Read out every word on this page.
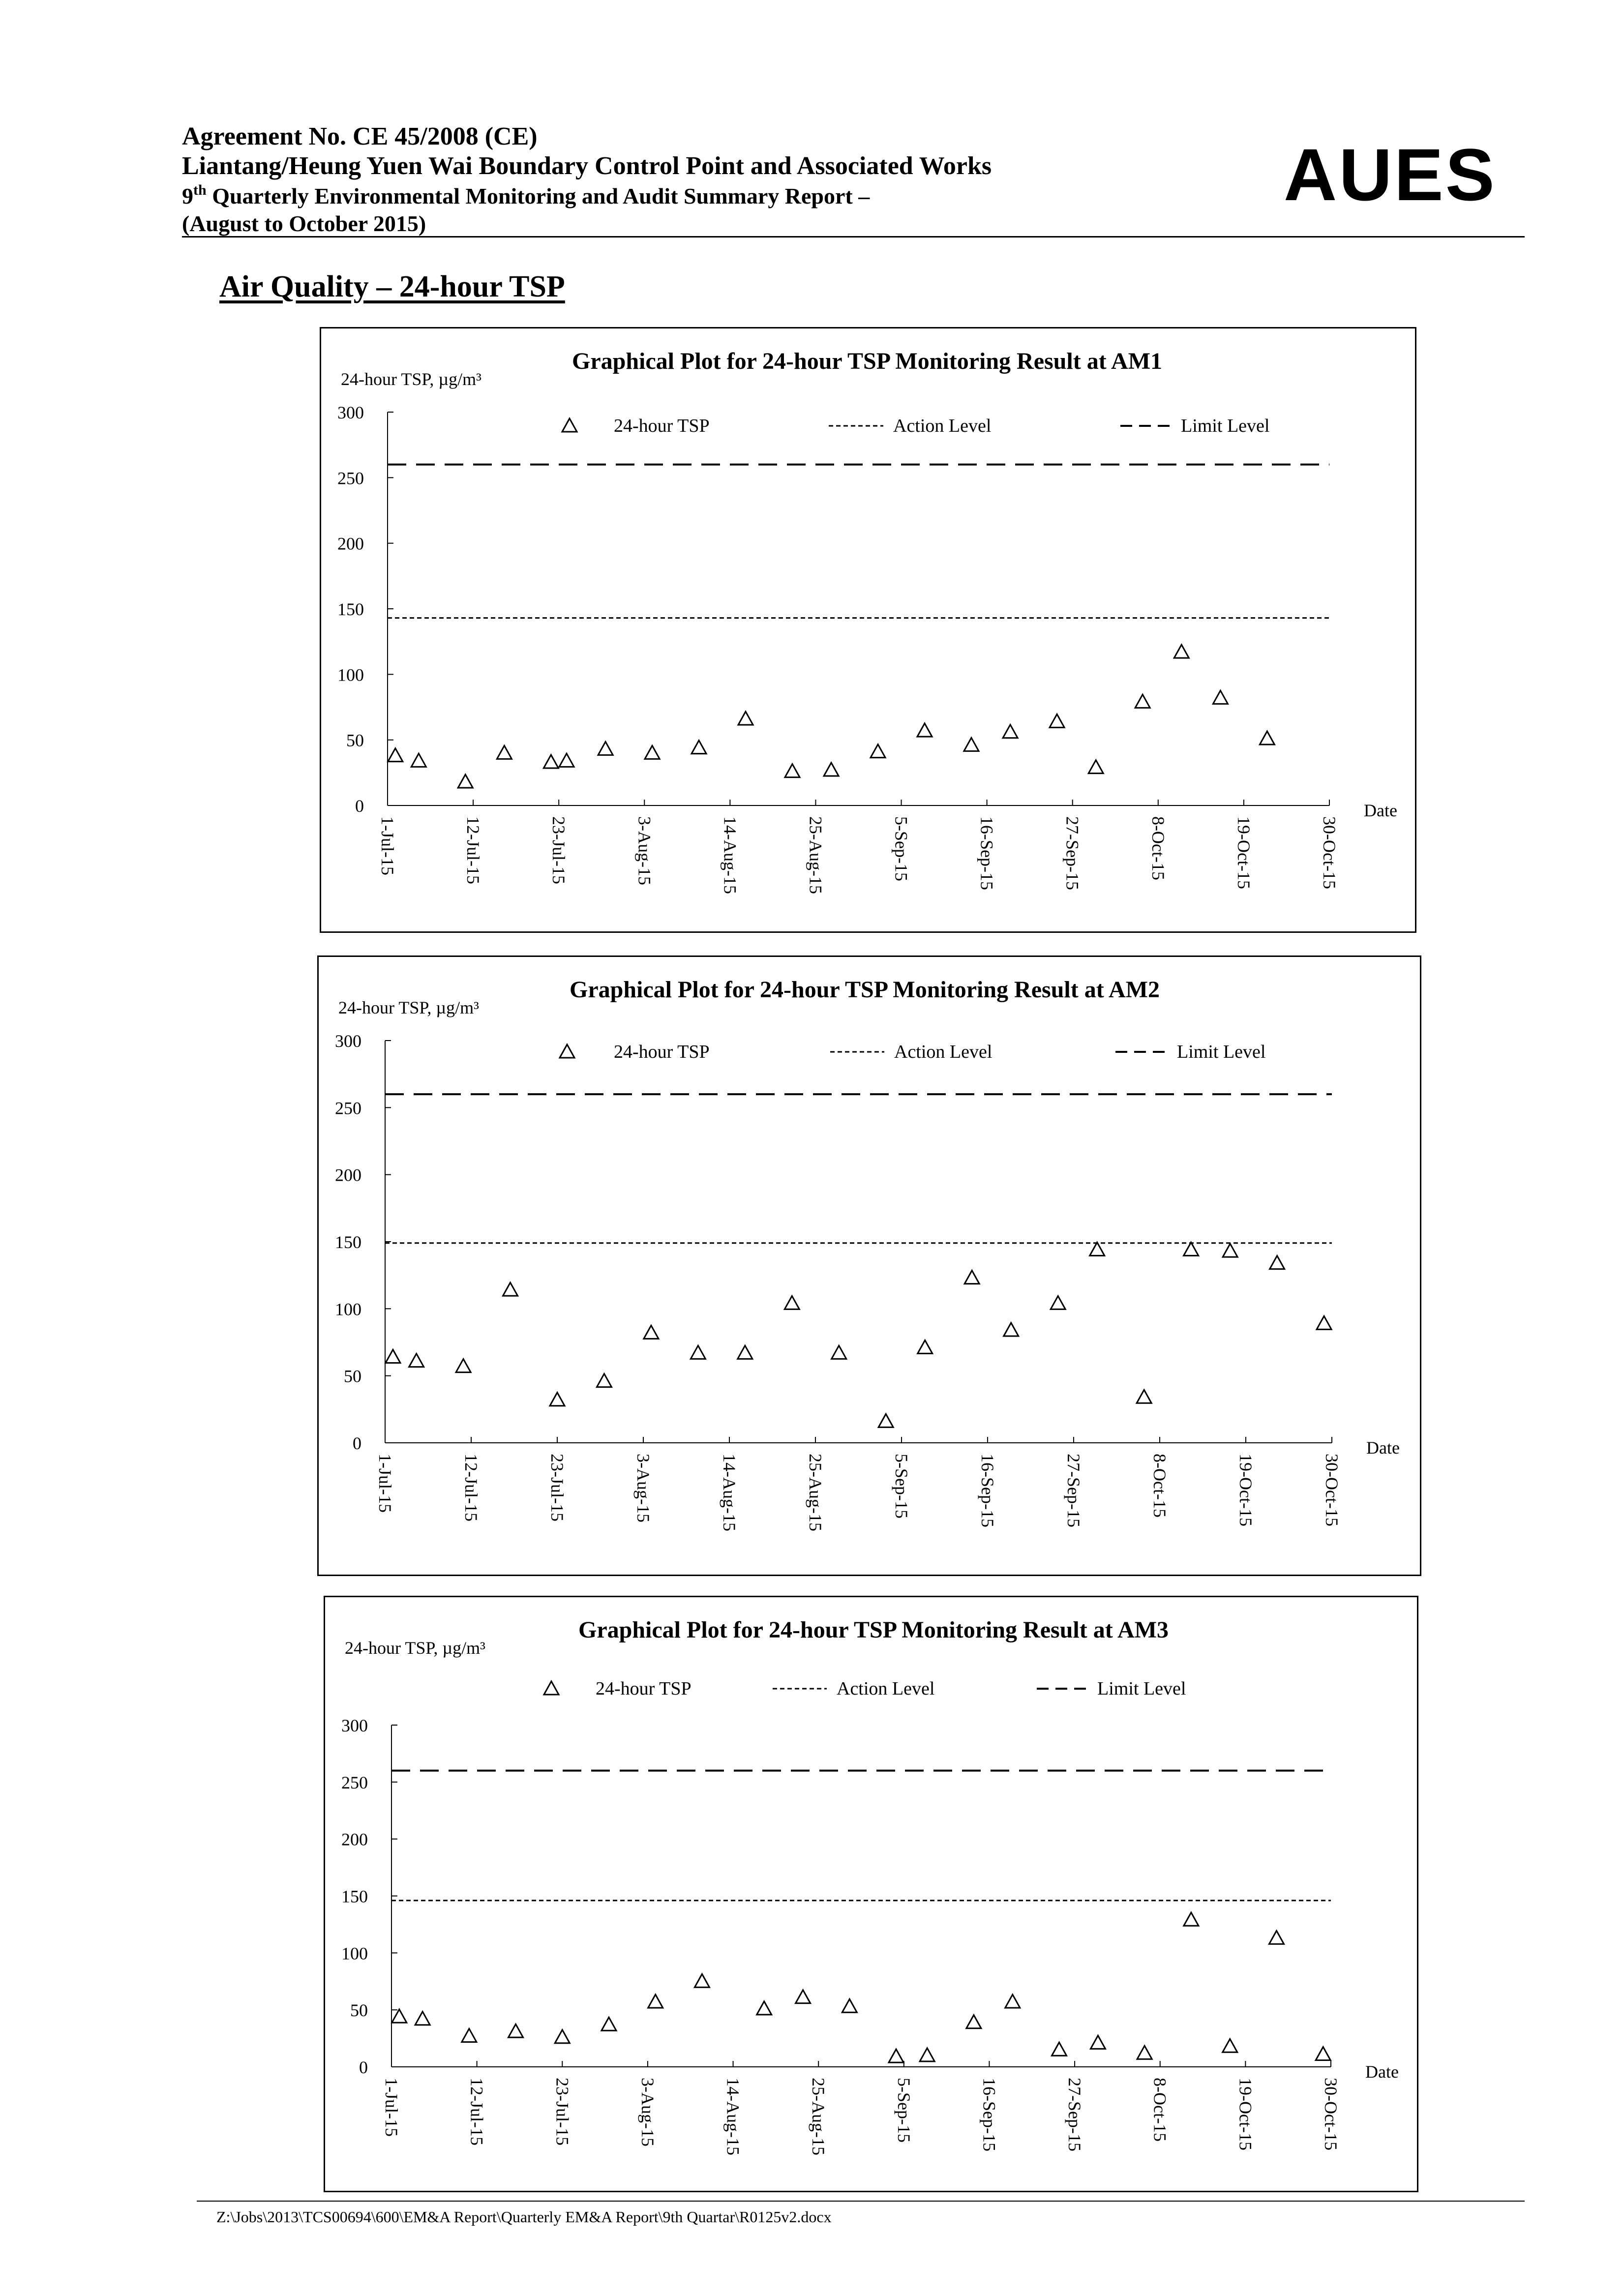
Agreement No. CE 45/2008 (CE)
Liantang/Heung Yuen Wai Boundary Control Point and Associated Works
9th Quarterly Environmental Monitoring and Audit Summary Report –
(August to October 2015)
AUES
Air Quality – 24-hour TSP
Graphical Plot for 24-hour TSP Monitoring Result at AM1
24-hour TSP, µg/m³
0
50
100
150
200
250
300
1-Jul-15	12-Jul-15	23-Jul-15	3-Aug-15	14-Aug-15	25-Aug-15	5-Sep-15	16-Sep-15	27-Sep-15	8-Oct-15	19-Oct-15	30-Oct-15
Date
24-hour TSP	Action Level	Limit Level
Graphical Plot for 24-hour TSP Monitoring Result at AM2
24-hour TSP, µg/m³
0
50
100
150
200
250
300
1-Jul-15	12-Jul-15	23-Jul-15	3-Aug-15	14-Aug-15	25-Aug-15	5-Sep-15	16-Sep-15	27-Sep-15	8-Oct-15	19-Oct-15	30-Oct-15
Date
24-hour TSP	Action Level	Limit Level
Graphical Plot for 24-hour TSP Monitoring Result at AM3
24-hour TSP, µg/m³
0
50
100
150
200
250
300
1-Jul-15	12-Jul-15	23-Jul-15	3-Aug-15	14-Aug-15	25-Aug-15	5-Sep-15	16-Sep-15	27-Sep-15	8-Oct-15	19-Oct-15	30-Oct-15
Date
24-hour TSP	Action Level	Limit Level
Z:\Jobs\2013\TCS00694\600\EM&A Report\Quarterly EM&A Report\9th Quartar\R0125v2.docx
